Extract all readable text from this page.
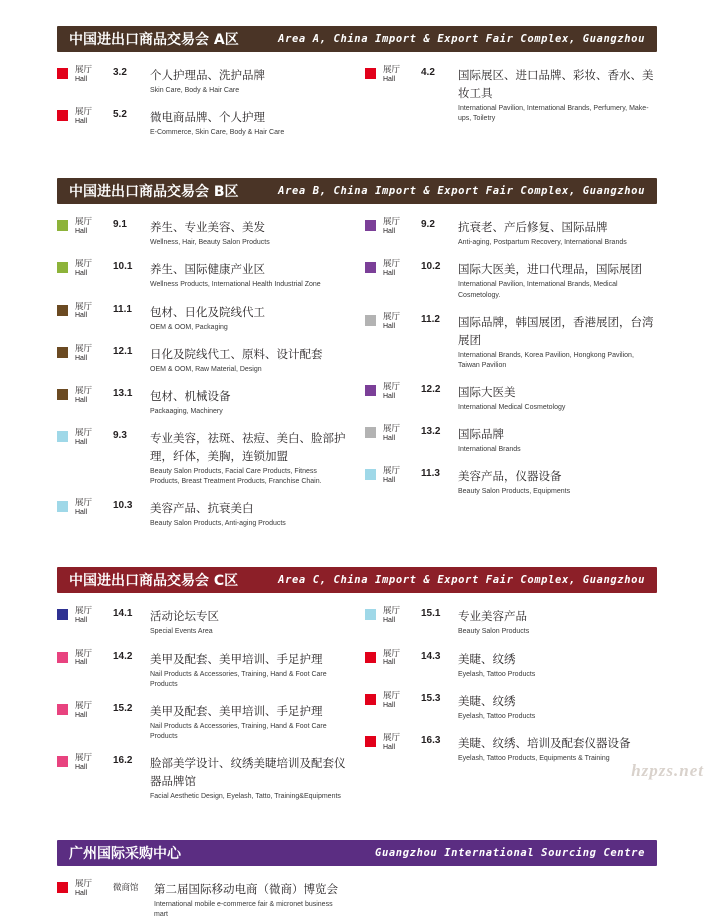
中国进出口商品交易会 A区	Area A, China Import & Export Fair Complex, Guangzhou
展厅
Hall
3.2	个人护理品、洗护品牌
Skin Care, Body & Hair Care
展厅
Hall
5.2	微电商品牌、个人护理
E-Commerce, Skin Care, Body & Hair Care
展厅
Hall
4.2	国际展区、进口品牌、彩妆、香水、美妆工具
International Pavilion, International Brands, Perfumery, Make-ups, Toiletry
中国进出口商品交易会 B区	Area B, China Import & Export Fair Complex, Guangzhou
展厅
Hall
9.1	养生、专业美容、美发
Wellness, Hair, Beauty Salon Products
展厅
Hall
10.1	养生、国际健康产业区
Wellness Products, International Health Industrial Zone
展厅
Hall
11.1	包材、日化及院线代工
OEM & OOM, Packaging
展厅
Hall
12.1	日化及院线代工、原料、设计配套
OEM & OOM, Raw Material, Design
展厅
Hall
13.1	包材、机械设备
Packaaging, Machinery
展厅
Hall
9.3	专业美容，祛斑、祛痘、美白、脸部护理，纤体，美胸，连锁加盟
Beauty Salon Products, Facial Care Products, Fitness Products, Breast Treatment Products, Franchise Chain.
展厅
Hall
10.3	美容产品、抗衰美白
Beauty Salon Products, Anti-aging Products
展厅
Hall
9.2	抗衰老、产后修复、国际品牌
Anti-aging, Postpartum Recovery, International Brands
展厅
Hall
10.2	国际大医美，进口代理品，国际展团
International Pavilion, International Brands, Medical Cosmetology.
展厅
Hall
11.2	国际品牌，韩国展团，香港展团，台湾展团
International Brands, Korea Pavilion, Hongkong Pavilion, Taiwan Pavilion
展厅
Hall
12.2	国际大医美
International Medical Cosmetology
展厅
Hall
13.2	国际品牌
International Brands
展厅
Hall
11.3	美容产品，仪器设备
Beauty Salon Products, Equipments
中国进出口商品交易会 C区	Area C, China Import & Export Fair Complex, Guangzhou
展厅
Hall
14.1	活动论坛专区
Special Events Area
展厅
Hall
14.2	美甲及配套、美甲培训、手足护理
Nail Products & Accessories, Training, Hand & Foot Care Products
展厅
Hall
15.2	美甲及配套、美甲培训、手足护理
Nail Products & Accessories, Training, Hand & Foot Care Products
展厅
Hall
16.2	脸部美学设计、纹绣美睫培训及配套仪器品牌馆
Facial Aesthetic Design, Eyelash, Tatto, Training&Equipments
展厅
Hall
15.1	专业美容产品
Beauty Salon Products
展厅
Hall
14.3	美睫、纹绣
Eyelash, Tattoo Products
展厅
Hall
15.3	美睫、纹绣
Eyelash, Tattoo Products
展厅
Hall
16.3	美睫、纹绣、培训及配套仪器设备
Eyelash, Tattoo Products, Equipments & Training
广州国际采购中心	Guangzhou International Sourcing Centre
展厅
Hall
微商馆	第二届国际移动电商（微商）博览会
International mobile e-commerce fair & micronet business mart
hzpzs.net
